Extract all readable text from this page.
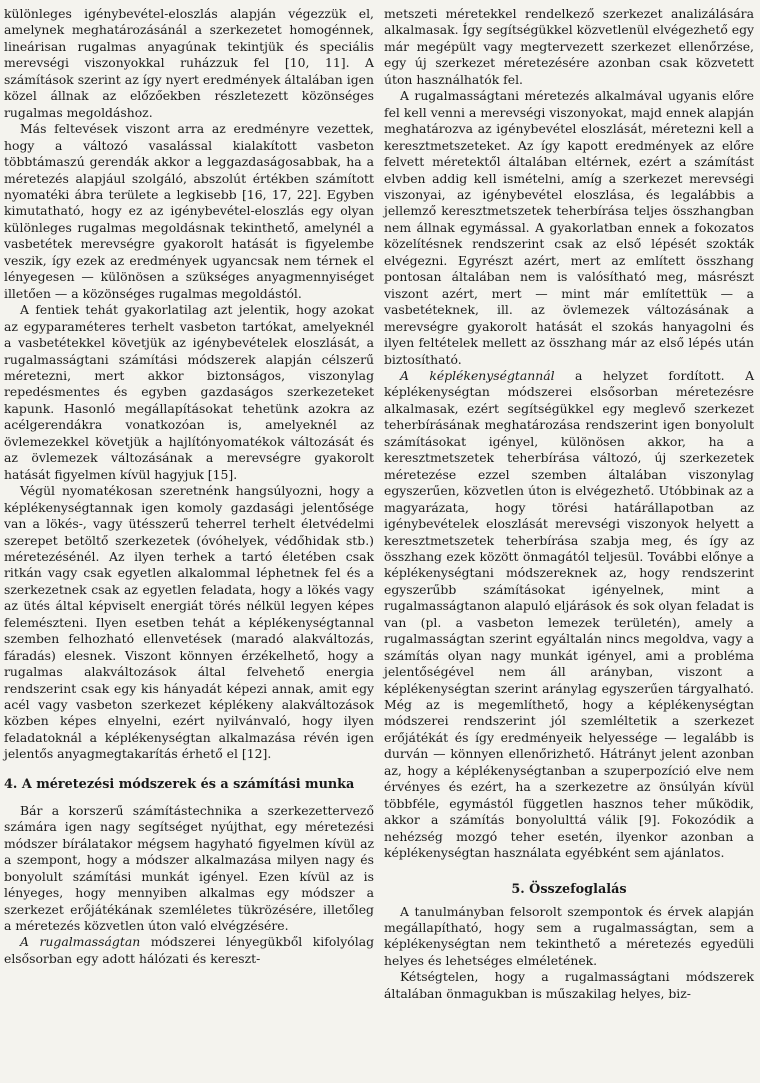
különleges igénybevétel-eloszlás alapján végezzük el, amelynek meghatározásánál a szerkezetet homogénnek, lineárisan rugalmas anyagúnak tekintjük és speciális merevségi viszonyokkal ruházzuk fel [10, 11]. A számítások szerint az így nyert eredmények általában igen közel állnak az előzőekben részletezett közönséges rugalmas megoldáshoz.

Más feltevések viszont arra az eredményre vezettek, hogy a változó vasalással kialakított vasbeton többtámaszú gerendák akkor a leggazdaságosabbak, ha a méretezés alapjául szolgáló, abszolút értékben számított nyomatéki ábra területe a legkisebb [16, 17, 22]. Egyben kimutatható, hogy ez az igénybevétel-eloszlás egy olyan különleges rugalmas megoldásnak tekinthető, amelynél a vasbetétek merevségre gyakorolt hatását is figyelembe veszik, így ezek az eredmények ugyancsak nem térnek el lényegesen — különösen a szükséges anyagmennyiséget illetően — a közönséges rugalmas megoldástól.

A fentiek tehát gyakorlatilag azt jelentik, hogy azokat az egyparaméteres terhelt vasbeton tartókat, amelyeknél a vasbetétekkel követjük az igénybevételek eloszlását, a rugalmasságtani számítási módszerek alapján célszerű méretezni, mert akkor biztonságos, viszonylag repedésmentes és egyben gazdaságos szerkezeteket kapunk. Hasonló megállapításokat tehetünk azokra az acélgerendákra vonatkozóan is, amelyeknél az övlemezekkel követjük a hajlítónyomatékok változását és az övlemezek változásának a merevségre gyakorolt hatását figyelmen kívül hagyjuk [15].

Végül nyomatékosan szeretnénk hangsúlyozni, hogy a képlékenységtannak igen komoly gazdasági jelentősége van a lökés-, vagy ütésszerű teherrel terhelt életvédelmi szerepet betöltő szerkezetek (óvóhelyek, védőhidak stb.) méretezésénél. Az ilyen terhek a tartó életében csak ritkán vagy csak egyetlen alkalommal léphetnek fel és a szerkezetnek csak az egyetlen feladata, hogy a lökés vagy az ütés által képviselt energiát törés nélkül legyen képes felemészteni. Ilyen esetben tehát a képlékenységtannal szemben felhozható ellenvetések (maradó alakváltozás, fáradás) elesnek. Viszont könnyen érzékelhető, hogy a rugalmas alakváltozások által felvehető energia rendszerint csak egy kis hányadát képezi annak, amit egy acél vagy vasbeton szerkezet képlékeny alakváltozások közben képes elnyelni, ezért nyilvánvaló, hogy ilyen feladatoknál a képlékenységtan alkalmazása révén igen jelentős anyagmegtakarítás érhető el [12].

4. A méretezési módszerek és a számítási munka

Bár a korszerű számítástechnika a szerkezettervező számára igen nagy segítséget nyújthat, egy méretezési módszer bírálatakor mégsem hagyható figyelmen kívül az a szempont, hogy a módszer alkalmazása milyen nagy és bonyolult számítási munkát igényel. Ezen kívül az is lényeges, hogy mennyiben alkalmas egy módszer a szerkezet erőjátékának szemléletes tükrözésére, illetőleg a méretezés közvetlen úton való elvégzésére.

A rugalmasságtan módszerei lényegükből kifolyólag elsősorban egy adott hálózati és kereszt-

metszeti méretekkel rendelkező szerkezet analizálására alkalmasak. Így segítségükkel közvetlenül elvégezhető egy már megépült vagy megtervezett szerkezet ellenőrzése, egy új szerkezet méretezésére azonban csak közvetett úton használhatók fel.

A rugalmasságtani méretezés alkalmával ugyanis előre fel kell venni a merevségi viszonyokat, majd ennek alapján meghatározva az igénybevétel eloszlását, méretezni kell a keresztmetszeteket. Az így kapott eredmények az előre felvett méretektől általában eltérnek, ezért a számítást elvben addig kell ismételni, amíg a szerkezet merevségi viszonyai, az igénybevétel eloszlása, és legalábbis a jellemző keresztmetszetek teherbírása teljes összhangban nem állnak egymással. A gyakorlatban ennek a fokozatos közelítésnek rendszerint csak az első lépését szokták elvégezni. Egyrészt azért, mert az említett összhang pontosan általában nem is valósítható meg, másrészt viszont azért, mert — mint már említettük — a vasbetéteknek, ill. az övlemezek változásának a merevségre gyakorolt hatását el szokás hanyagolni és ilyen feltételek mellett az összhang már az első lépés után biztosítható.

A képlékenységtannál a helyzet fordított. A képlékenységtan módszerei elsősorban méretezésre alkalmasak, ezért segítségükkel egy meglevő szerkezet teherbírásának meghatározása rendszerint igen bonyolult számításokat igényel, különösen akkor, ha a keresztmetszetek teherbírása változó, új szerkezetek méretezése ezzel szemben általában viszonylag egyszerűen, közvetlen úton is elvégezhető. Utóbbinak az a magyarázata, hogy törési határállapotban az igénybevételek eloszlását merevségi viszonyok helyett a keresztmetszetek teherbírása szabja meg, és így az összhang ezek között önmagától teljesül. További előnye a képlékenységtani módszereknek az, hogy rendszerint egyszerűbb számításokat igényelnek, mint a rugalmasságtanon alapuló eljárások és sok olyan feladat is van (pl. a vasbeton lemezek területén), amely a rugalmasságtan szerint egyáltalán nincs megoldva, vagy a számítás olyan nagy munkát igényel, ami a probléma jelentőségével nem áll arányban, viszont a képlékenységtan szerint aránylag egyszerűen tárgyalható. Még az is megemlíthető, hogy a képlékenységtan módszerei rendszerint jól szemléltetik a szerkezet erőjátékát és így eredményeik helyessége — legalább is durván — könnyen ellenőrizhető. Hátrányt jelent azonban az, hogy a képlékenységtanban a szuperpozíció elve nem érvényes és ezért, ha a szerkezetre az önsúlyán kívül többféle, egymástól független hasznos teher működik, akkor a számítás bonyolulttá válik [9]. Fokozódik a nehézség mozgó teher esetén, ilyenkor azonban a képlékenységtan használata egyébként sem ajánlatos.

5. Összefoglalás

A tanulmányban felsorolt szempontok és érvek alapján megállapítható, hogy sem a rugalmasságtan, sem a képlékenységtan nem tekinthető a méretezés egyedüli helyes és lehetséges elméletének.

Kétségtelen, hogy a rugalmasságtani módszerek általában önmagukban is műszakilag helyes, biz-
